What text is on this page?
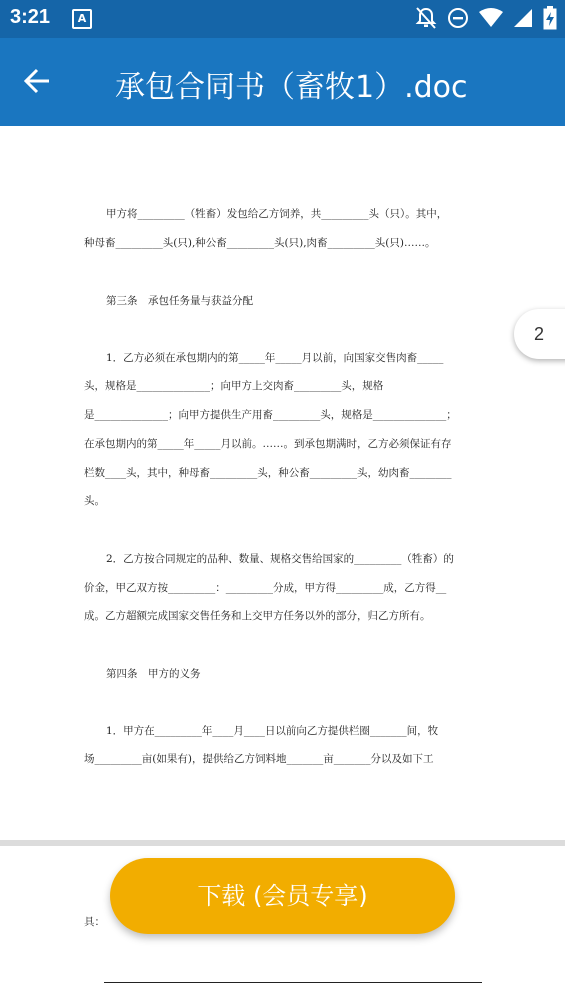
3:21	A
承包合同书（畜牧1）.doc

甲方将_________（牲畜）发包给乙方饲养，共_________头（只）。其中，

种母畜_________头(只),种公畜_________头(只),肉畜_________头(只)……。

第三条　承包任务量与获益分配

1．乙方必须在承包期内的第_____年_____月以前，向国家交售肉畜_____

头，规格是______________；向甲方上交肉畜_________头，规格

是______________；向甲方提供生产用畜_________头，规格是______________；

在承包期内的第_____年_____月以前。……。到承包期满时，乙方必须保证有存

栏数____头，其中，种母畜_________头，种公畜_________头，幼肉畜________

头。

2．乙方按合同规定的品种、数量、规格交售给国家的_________（牲畜）的

价金，甲乙双方按_________：_________分成，甲方得_________成，乙方得__

成。乙方超额完成国家交售任务和上交甲方任务以外的部分，归乙方所有。

第四条　甲方的义务

1．甲方在_________年____月____日以前向乙方提供栏圈_______间，牧

场_________亩(如果有)，提供给乙方饲料地_______亩_______分以及如下工

具：

2
下载 (会员专享)
